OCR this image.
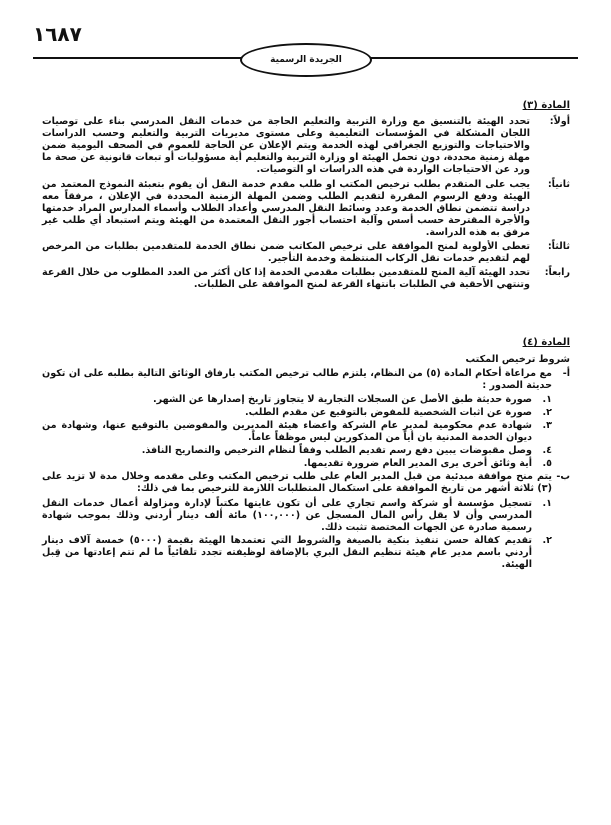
١٦٨٧
الجريدة الرسمية
المادة (٣)
أولاً:
تحدد الهيئة بالتنسيق مع وزارة التربية والتعليم الحاجة من خدمات النقل المدرسي بناء على توصيات اللجان المشكلة في المؤسسات التعليمية وعلى مستوى مديريات التربية والتعليم وحسب الدراسات والاحتياجات والتوزيع الجغرافي لهذه الخدمة ويتم الإعلان عن الحاجة للعموم في الصحف اليومية ضمن مهلة زمنية محددة، دون تحمل الهيئة او وزارة التربية والتعليم أية مسؤوليات أو تبعات قانونية عن صحة ما ورد عن الاحتياجات الواردة في هذه الدراسات او التوصيات.
ثانياً:
يجب على المتقدم بطلب ترخيص المكتب او طلب مقدم خدمة النقل أن يقوم بتعبئة النموذج المعتمد من الهيئة ودفع الرسوم المقررة لتقديم الطلب وضمن المهلة الزمنية المحددة في الإعلان ، مرفقاً معه دراسة تتضمن نطاق الخدمة وعدد وسائط النقل المدرسي وأعداد الطلاب وأسماء المدارس المراد خدمتها والأجرة المقترحة حسب أسس وآلية احتساب أجور النقل المعتمدة من الهيئة ويتم استبعاد أي طلب غير مرفق به هذه الدراسة.
ثالثاً:
تعطى الأولوية لمنح الموافقة على ترخيص المكاتب ضمن نطاق الخدمة للمتقدمين بطلبات من المرخص لهم لتقديم خدمات نقل الركاب المنتظمة وخدمة التأجير.
رابعاً:
تحدد الهيئة آلية المنح للمتقدمين بطلبات مقدمي الخدمة إذا كان أكثر من العدد المطلوب من خلال القرعة وتنتهي الأحقية في الطلبات بانتهاء القرعة لمنح الموافقة على الطلبات.
المادة (٤)
شروط ترخيص المكتب
أ-
مع مراعاة أحكام المادة (٥) من النظام، يلتزم طالب ترخيص المكتب بارفاق الوثائق التالية بطلبه على ان تكون حديثة الصدور :
١.
صورة حديثة طبق الأصل عن السجلات التجارية لا يتجاوز تاريخ إصدارها عن الشهر.
٢.
صورة عن اثبات الشخصية للمفوض بالتوقيع عن مقدم الطلب.
٣.
شهادة عدم محكومية لمدير عام الشركة واعضاء هيئة المديرين والمفوضين بالتوقيع عنها، وشهادة من ديوان الخدمة المدنية بان أياً من المذكورين ليس موظفاً عاماً.
٤.
وصل مقبوضات يبين دفع رسم تقديم الطلب وفقاً لنظام الترخيص والتصاريح النافذ.
٥.
أية وثائق أخرى يرى المدير العام ضرورة تقديمها.
ب-
يتم منح موافقة مبدئية من قبل المدير العام على طلب ترخيص المكتب وعلى مقدمه وخلال مدة لا تزيد على (٣) ثلاثة أشهر من تاريخ الموافقة على استكمال المتطلبات اللازمة للترخيص بما في ذلك:
١.
تسجيل مؤسسة أو شركة واسم تجاري على أن تكون غايتها مكتباً لإدارة ومزاولة أعمال خدمات النقل المدرسي وأن لا يقل رأس المال المسجل عن (١٠٠,٠٠٠) مائة ألف دينار أردني وذلك بموجب شهادة رسمية صادرة عن الجهات المختصة تثبت ذلك.
٢.
تقديم كفالة حسن تنفيذ بنكية بالصيغة والشروط التي تعتمدها الهيئة بقيمة (٥٠٠٠) خمسة آلاف دينار أردني باسم مدير عام هيئة تنظيم النقل البري بالإضافة لوظيفته تجدد تلقائياً ما لم تتم إعادتها من قِبل الهيئة.
